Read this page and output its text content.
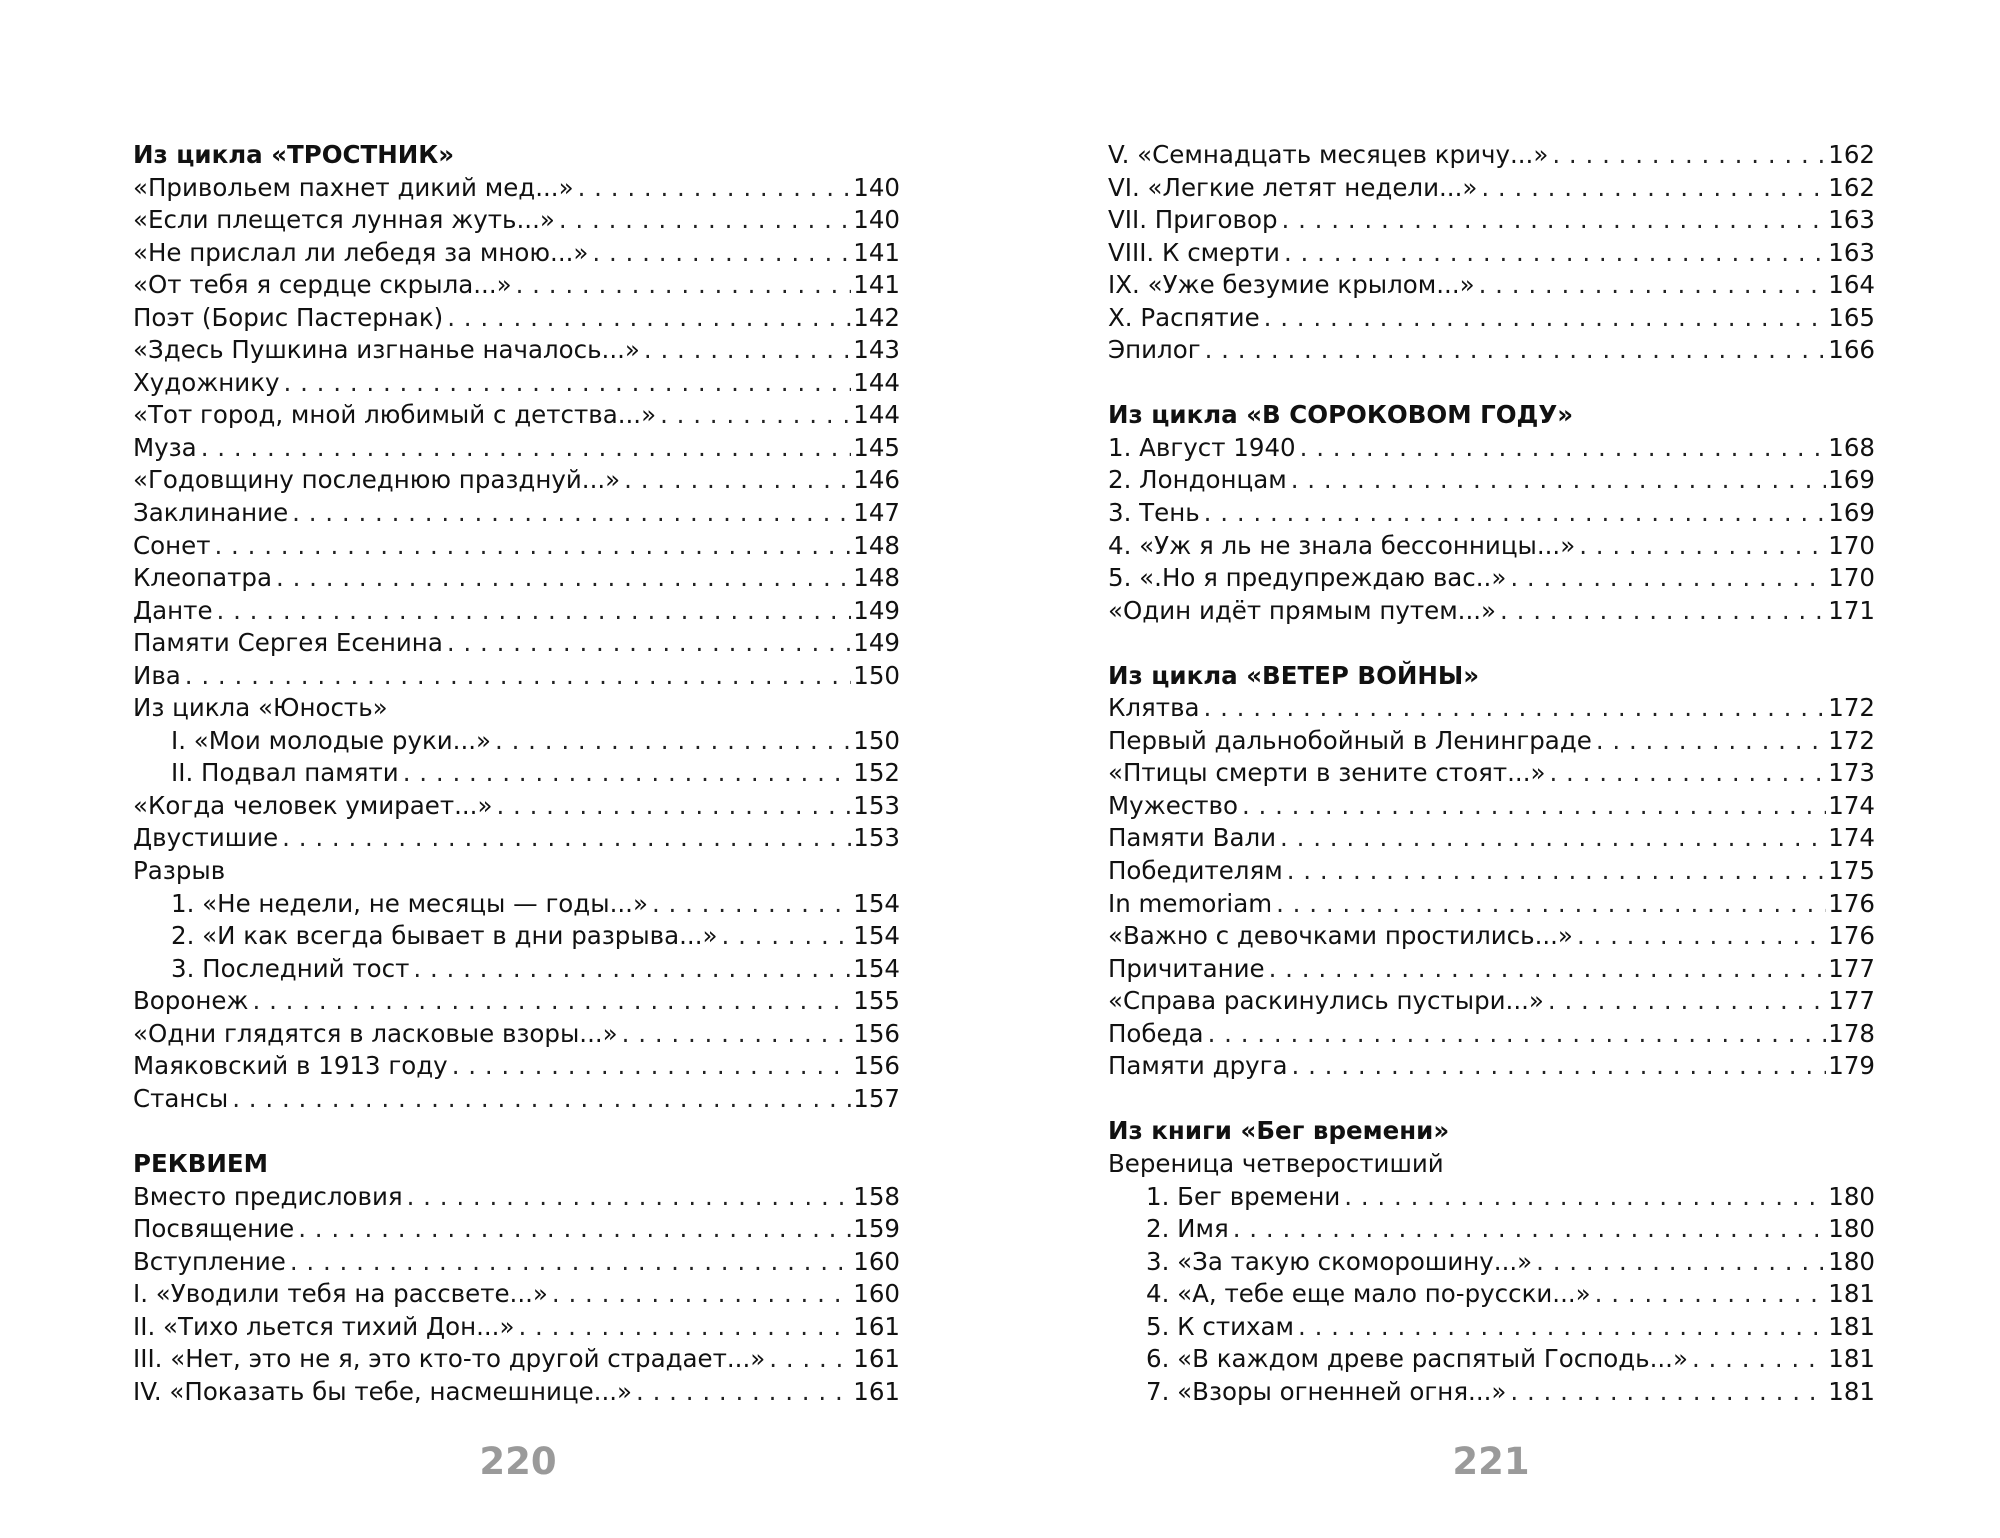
Из цикла «ТРОСТНИК»
«Привольем пахнет дикий мед...» . . .	140
«Если плещется лунная жуть...» . . .	140
«Не прислал ли лебедя за мною...» . . .	141
«От тебя я сердце скрыла...» . . .	141
Поэт (Борис Пастернак) . . .	142
«Здесь Пушкина изгнанье началось...» . . .	143
Художнику . . .	144
«Тот город, мной любимый с детства...» . . .	144
Муза . . .	145
«Годовщину последнюю празднуй...» . . .	146
Заклинание . . .	147
Сонет . . .	148
Клеопатра . . .	148
Данте . . .	149
Памяти Сергея Есенина . . .	149
Ива . . .	150
Из цикла «Юность»
I. «Мои молодые руки...» . . .	150
II. Подвал памяти . . .	152
«Когда человек умирает...» . . .	153
Двустишие . . .	153
Разрыв
1. «Не недели, не месяцы — годы...» . . .	154
2. «И как всегда бывает в дни разрыва...» . . .	154
3. Последний тост . . .	154
Воронеж . . .	155
«Одни глядятся в ласковые взоры...» . . .	156
Маяковский в 1913 году . . .	156
Стансы . . .	157
РЕКВИЕМ
Вместо предисловия . . .	158
Посвящение . . .	159
Вступление . . .	160
I. «Уводили тебя на рассвете...» . . .	160
II. «Тихо льется тихий Дон...» . . .	161
III. «Нет, это не я, это кто-то другой страдает...» . . .	161
IV. «Показать бы тебе, насмешнице...» . . .	161
V. «Семнадцать месяцев кричу...» . . .	162
VI. «Легкие летят недели...» . . .	162
VII. Приговор . . .	163
VIII. К смерти . . .	163
IX. «Уже безумие крылом...» . . .	164
X. Распятие . . .	165
Эпилог . . .	166
Из цикла «В СОРОКОВОМ ГОДУ»
1. Август 1940 . . .	168
2. Лондонцам . . .	169
3. Тень . . .	169
4. «Уж я ль не знала бессонницы...» . . .	170
5. «.Но я предупреждаю вас..» . . .	170
«Один идёт прямым путем...» . . .	171
Из цикла «ВЕТЕР ВОЙНЫ»
Клятва . . .	172
Первый дальнобойный в Ленинграде . . .	172
«Птицы смерти в зените стоят...» . . .	173
Мужество . . .	174
Памяти Вали . . .	174
Победителям . . .	175
In memoriam . . .	176
«Важно с девочками простились...» . . .	176
Причитание . . .	177
«Справа раскинулись пустыри...» . . .	177
Победа . . .	178
Памяти друга . . .	179
Из книги «Бег времени»
Вереница четверостиший
1. Бег времени . . .	180
2. Имя . . .	180
3. «За такую скоморошину...» . . .	180
4. «А, тебе еще мало по-русски...» . . .	181
5. К стихам . . .	181
6. «В каждом древе распятый Господь...» . . .	181
7. «Взоры огненней огня...» . . .	181
220	221
